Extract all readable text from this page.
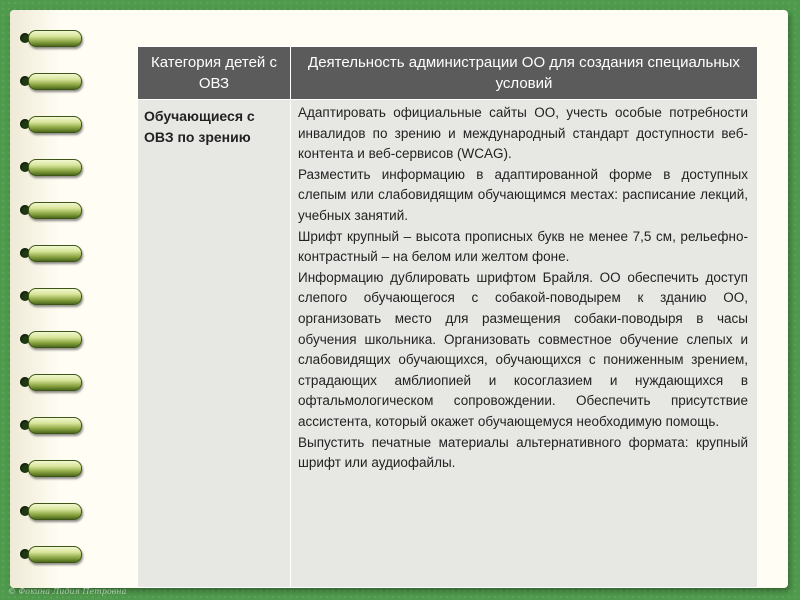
Категория детей с ОВЗ	Деятельность администрации ОО для создания специальных условий
Обучающиеся с ОВЗ по зрению	Адаптировать официальные сайты ОО, учесть особые потребности инвалидов по зрению и международный стандарт доступности веб-контента и веб-сервисов (WCAG).

Разместить информацию в адаптированной форме в доступных слепым или слабовидящим обучающимся местах: расписание лекций, учебных занятий.

Шрифт крупный – высота прописных букв не менее 7,5 см, рельефно-контрастный – на белом или желтом фоне.

Информацию дублировать шрифтом Брайля. ОО обеспечить доступ слепого обучающегося с собакой-поводырем к зданию ОО, организовать место для размещения собаки-поводыря в часы обучения школьника. Организовать совместное обучение слепых и слабовидящих обучающихся, обучающихся с пониженным зрением, страдающих амблиопией и косоглазием и нуждающихся в офтальмологическом сопровождении. Обеспечить присутствие ассистента, который окажет обучающемуся необходимую помощь.

Выпустить печатные материалы альтернативного формата: крупный шрифт или аудиофайлы.

© Фокина Лидия Петровна
